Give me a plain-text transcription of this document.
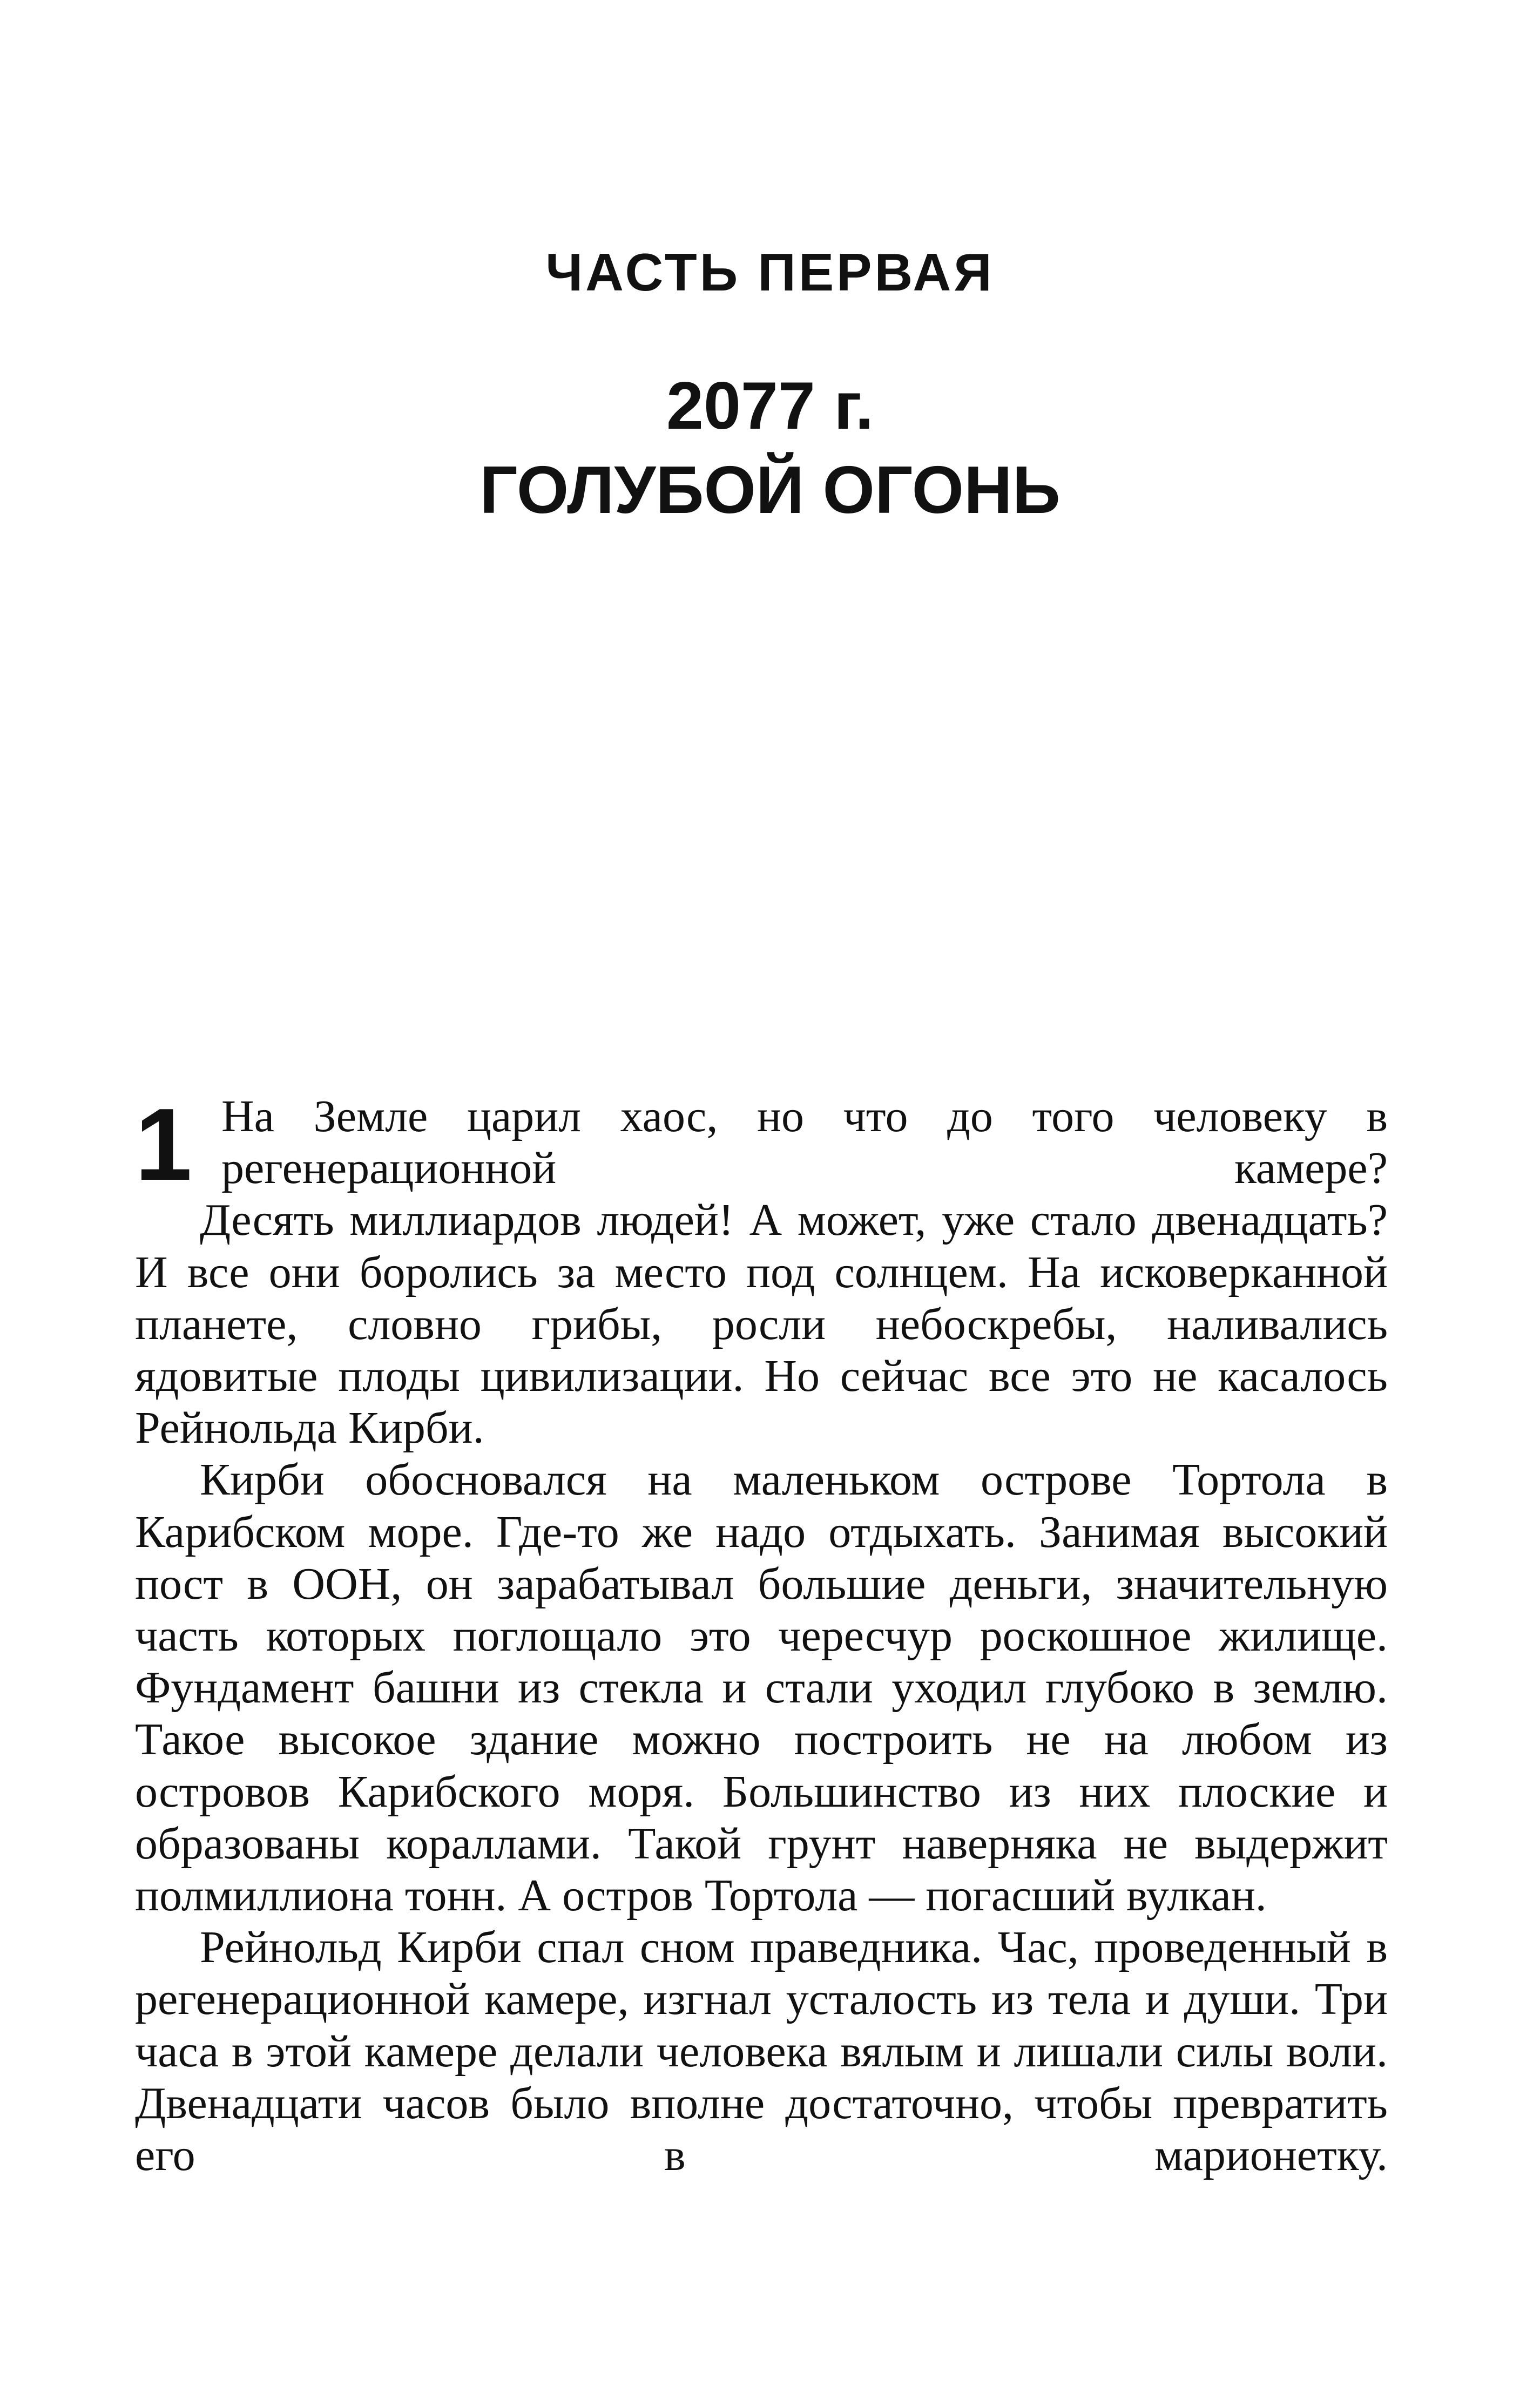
ЧАСТЬ ПЕРВАЯ
2077 г.
ГОЛУБОЙ ОГОНЬ

1 На Земле царил хаос, но что до того человеку в регенерационной камере?

Десять миллиардов людей! А может, уже стало двенадцать? И все они боролись за место под солнцем. На исковерканной планете, словно грибы, росли небоскребы, наливались ядовитые плоды цивилизации. Но сейчас все это не касалось Рейнольда Кирби.

Кирби обосновался на маленьком острове Тортола в Карибском море. Где-то же надо отдыхать. Занимая высокий пост в ООН, он зарабатывал большие деньги, значительную часть которых поглощало это чересчур роскошное жилище. Фундамент башни из стекла и стали уходил глубоко в землю. Такое высокое здание можно построить не на любом из островов Карибского моря. Большинство из них плоские и образованы кораллами. Такой грунт наверняка не выдержит полмиллиона тонн. А остров Тортола — погасший вулкан.

Рейнольд Кирби спал сном праведника. Час, проведенный в регенерационной камере, изгнал усталость из тела и души. Три часа в этой камере делали человека вялым и лишали силы воли. Двенадцати часов было вполне достаточно, чтобы превратить его в марионетку.
